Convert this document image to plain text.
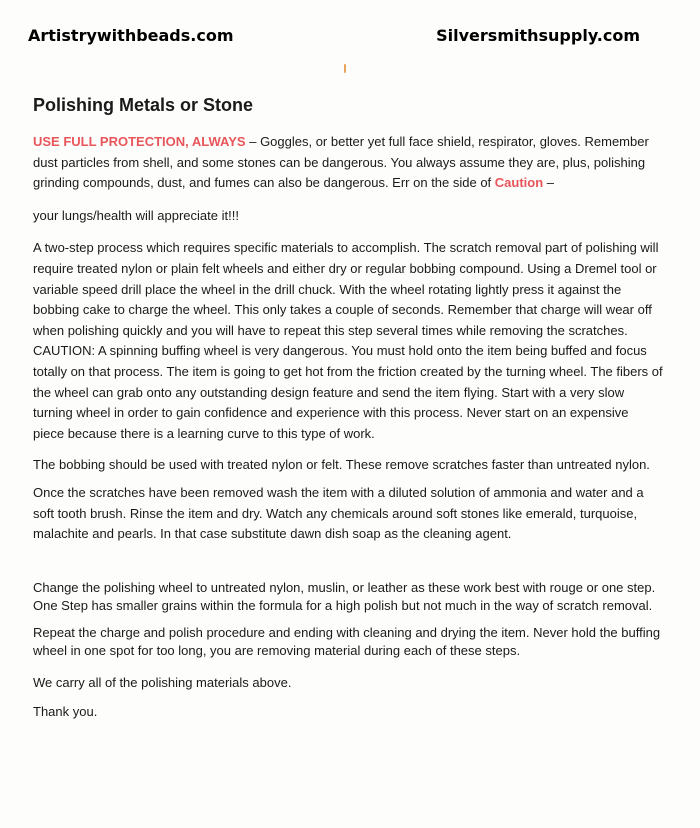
Artistrywithbeads.com	Silversmithsupply.com
Polishing Metals or Stone

USE FULL PROTECTION, ALWAYS – Goggles, or better yet full face shield, respirator, gloves. Remember dust particles from shell, and some stones can be dangerous. You always assume they are, plus, polishing grinding compounds, dust, and fumes can also be dangerous. Err on the side of Caution –

your lungs/health will appreciate it!!!

A two-step process which requires specific materials to accomplish. The scratch removal part of polishing will require treated nylon or plain felt wheels and either dry or regular bobbing compound. Using a Dremel tool or variable speed drill place the wheel in the drill chuck. With the wheel rotating lightly press it against the bobbing cake to charge the wheel. This only takes a couple of seconds. Remember that charge will wear off when polishing quickly and you will have to repeat this step several times while removing the scratches. CAUTION: A spinning buffing wheel is very dangerous. You must hold onto the item being buffed and focus totally on that process. The item is going to get hot from the friction created by the turning wheel. The fibers of the wheel can grab onto any outstanding design feature and send the item flying. Start with a very slow turning wheel in order to gain confidence and experience with this process. Never start on an expensive piece because there is a learning curve to this type of work.

The bobbing should be used with treated nylon or felt. These remove scratches faster than untreated nylon.

Once the scratches have been removed wash the item with a diluted solution of ammonia and water and a soft tooth brush. Rinse the item and dry. Watch any chemicals around soft stones like emerald, turquoise, malachite and pearls. In that case substitute dawn dish soap as the cleaning agent.

Change the polishing wheel to untreated nylon, muslin, or leather as these work best with rouge or one step. One Step has smaller grains within the formula for a high polish but not much in the way of scratch removal.

Repeat the charge and polish procedure and ending with cleaning and drying the item. Never hold the buffing wheel in one spot for too long, you are removing material during each of these steps.

We carry all of the polishing materials above.

Thank you.
